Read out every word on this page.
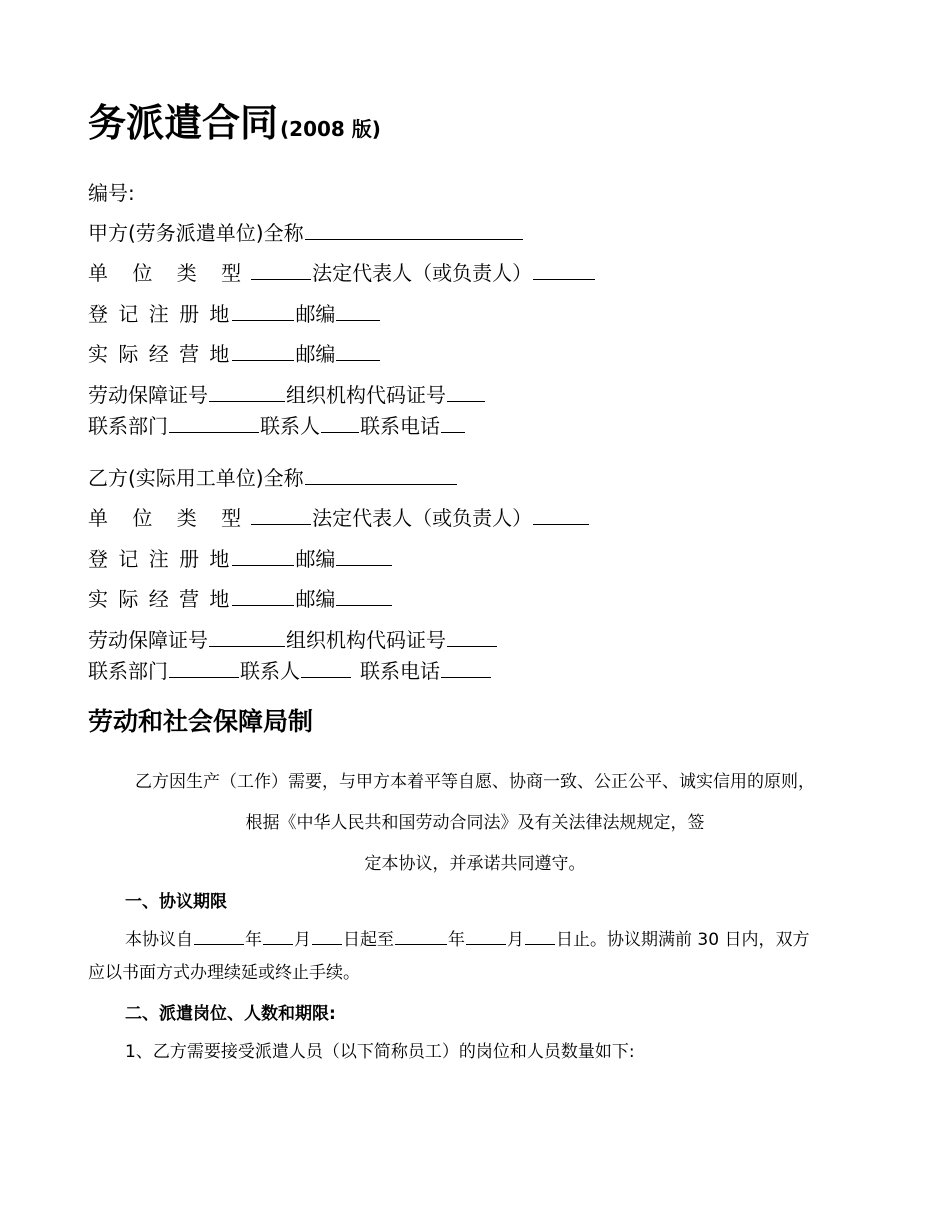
务派遣合同 (2008 版)
编号:
甲方(劳务派遣单位)全称
单 位 类 型	法定代表人（或负责人）
登 记 注 册 地	邮编
实 际 经 营 地	邮编
劳动保障证号	组织机构代码证号
联系部门	联系人 联系电话
乙方(实际用工单位)全称
单 位 类 型	法定代表人（或负责人）
登 记 注 册 地	邮编
实 际 经 营 地	邮编
劳动保障证号	组织机构代码证号
联系部门	联系人	联系电话
劳动和社会保障局制
乙方因生产（工作）需要，与甲方本着平等自愿、协商一致、公正公平、诚实信用的原则，
根据《中华人民共和国劳动合同法》及有关法律法规规定，签
定本协议，并承诺共同遵守。
一、协议期限
本协议自	年 月 日起至	年 月 日止。协议期满前 30 日内，双方
应以书面方式办理续延或终止手续。
二、派遣岗位、人数和期限:
1、乙方需要接受派遣人员（以下简称员工）的岗位和人员数量如下:
